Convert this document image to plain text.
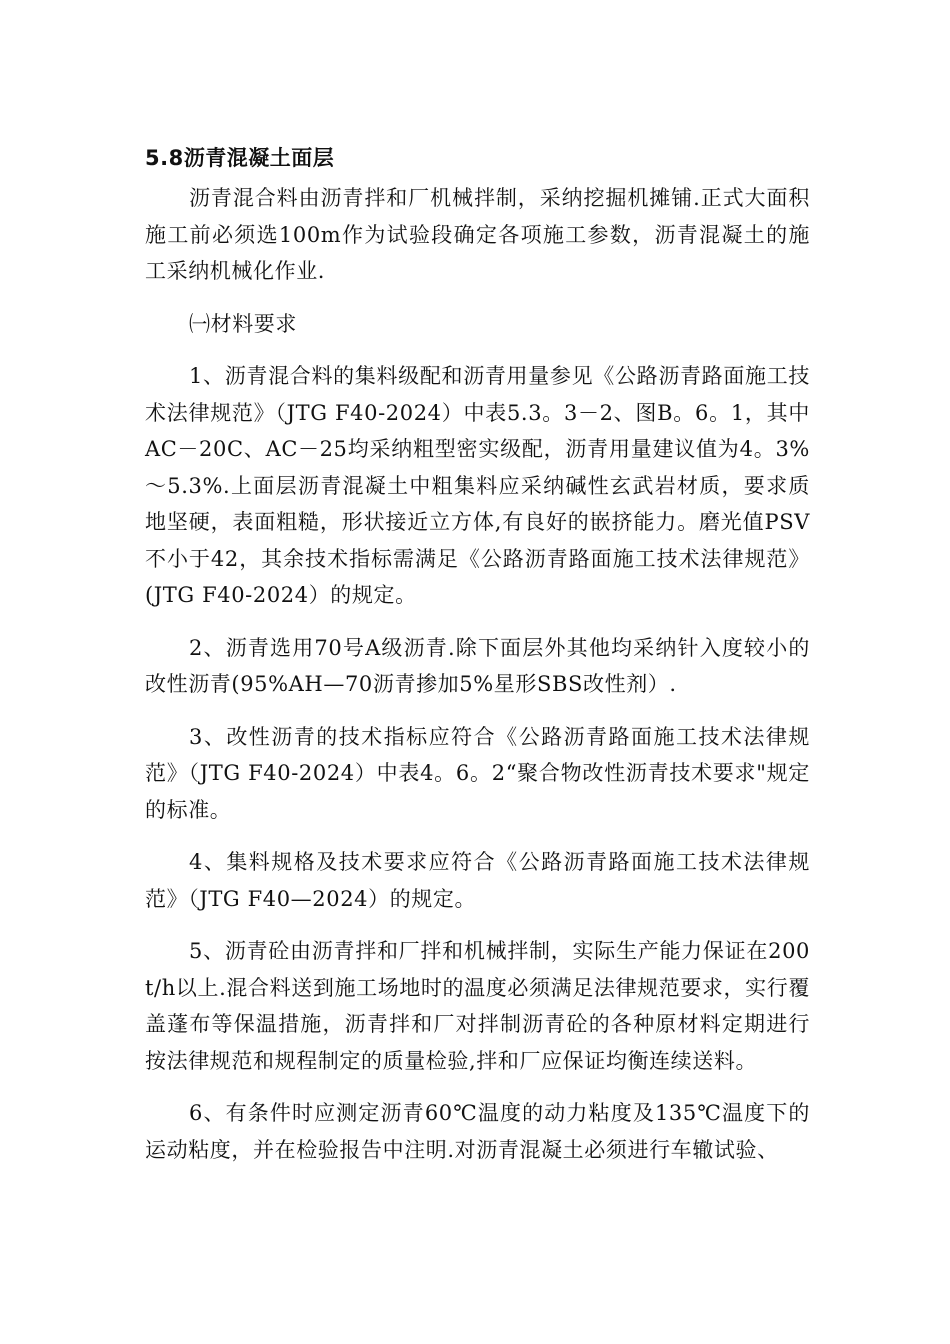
5.8沥青混凝土面层

沥青混合料由沥青拌和厂机械拌制，采纳挖掘机摊铺.正式大面积施工前必须选100m作为试验段确定各项施工参数，沥青混凝土的施工采纳机械化作业.

㈠材料要求

1、沥青混合料的集料级配和沥青用量参见《公路沥青路面施工技术法律规范》（JTG F40-2024）中表5.3。3－2、图B。6。1，其中AC－20C、AC－25均采纳粗型密实级配，沥青用量建议值为4。3%～5.3%.上面层沥青混凝土中粗集料应采纳碱性玄武岩材质，要求质地坚硬，表面粗糙，形状接近立方体,有良好的嵌挤能力。磨光值PSV不小于42，其余技术指标需满足《公路沥青路面施工技术法律规范》(JTG F40-2024）的规定。

2、沥青选用70号A级沥青.除下面层外其他均采纳针入度较小的改性沥青(95%AH—70沥青掺加5%星形SBS改性剂）.

3、改性沥青的技术指标应符合《公路沥青路面施工技术法律规范》（JTG F40-2024）中表4。6。2“聚合物改性沥青技术要求"规定的标准。

4、集料规格及技术要求应符合《公路沥青路面施工技术法律规范》（JTG F40—2024）的规定。

5、沥青砼由沥青拌和厂拌和机械拌制，实际生产能力保证在200t/h以上.混合料送到施工场地时的温度必须满足法律规范要求，实行覆盖蓬布等保温措施，沥青拌和厂对拌制沥青砼的各种原材料定期进行按法律规范和规程制定的质量检验,拌和厂应保证均衡连续送料。

6、有条件时应测定沥青60℃温度的动力粘度及135℃温度下的运动粘度，并在检验报告中注明.对沥青混凝土必须进行车辙试验、
